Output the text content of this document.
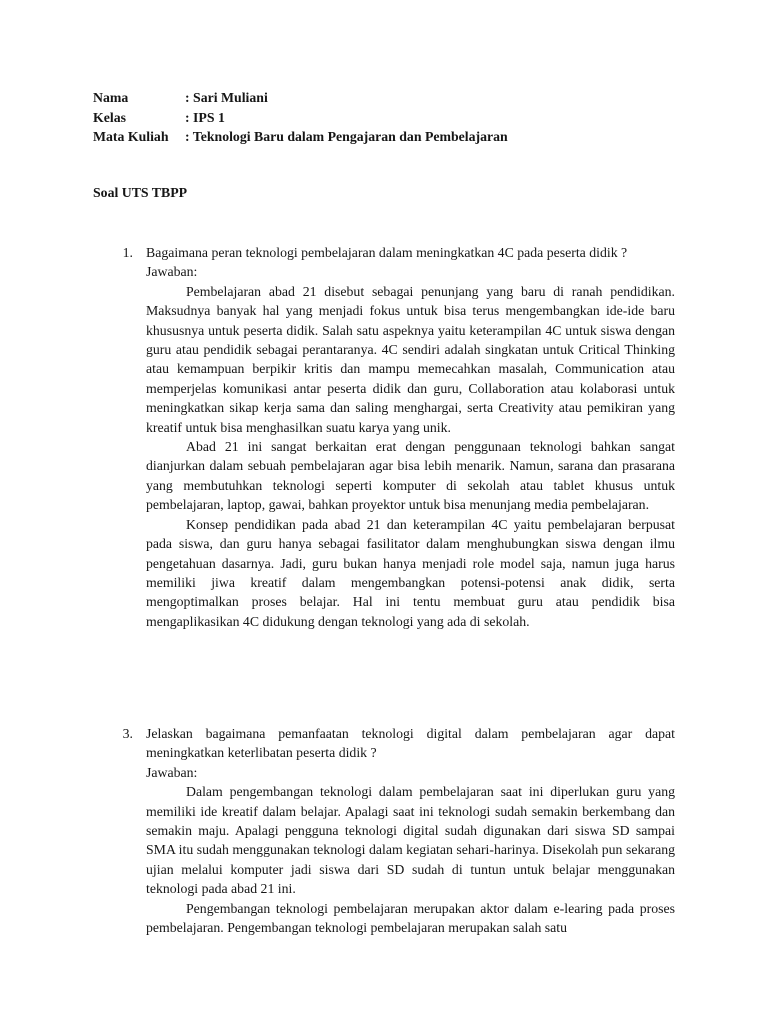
Nama	: Sari Muliani
Kelas	: IPS 1
Mata Kuliah	: Teknologi Baru dalam Pengajaran dan Pembelajaran
Soal UTS TBPP
1. Bagaimana peran teknologi pembelajaran dalam meningkatkan 4C pada peserta didik ?

Jawaban:

Pembelajaran abad 21 disebut sebagai penunjang yang baru di ranah pendidikan. Maksudnya banyak hal yang menjadi fokus untuk bisa terus mengembangkan ide-ide baru khususnya untuk peserta didik. Salah satu aspeknya yaitu keterampilan 4C untuk siswa dengan guru atau pendidik sebagai perantaranya. 4C sendiri adalah singkatan untuk Critical Thinking atau kemampuan berpikir kritis dan mampu memecahkan masalah, Communication atau memperjelas komunikasi antar peserta didik dan guru, Collaboration atau kolaborasi untuk meningkatkan sikap kerja sama dan saling menghargai, serta Creativity atau pemikiran yang kreatif untuk bisa menghasilkan suatu karya yang unik.

Abad 21 ini sangat berkaitan erat dengan penggunaan teknologi bahkan sangat dianjurkan dalam sebuah pembelajaran agar bisa lebih menarik. Namun, sarana dan prasarana yang membutuhkan teknologi seperti komputer di sekolah atau tablet khusus untuk pembelajaran, laptop, gawai, bahkan proyektor untuk bisa menunjang media pembelajaran.

Konsep pendidikan pada abad 21 dan keterampilan 4C yaitu pembelajaran berpusat pada siswa, dan guru hanya sebagai fasilitator dalam menghubungkan siswa dengan ilmu pengetahuan dasarnya. Jadi, guru bukan hanya menjadi role model saja, namun juga harus memiliki jiwa kreatif dalam mengembangkan potensi-potensi anak didik, serta mengoptimalkan proses belajar. Hal ini tentu membuat guru atau pendidik bisa mengaplikasikan 4C didukung dengan teknologi yang ada di sekolah.

3. Jelaskan bagaimana pemanfaatan teknologi digital dalam pembelajaran agar dapat meningkatkan keterlibatan peserta didik ?

Jawaban:

Dalam pengembangan teknologi dalam pembelajaran saat ini diperlukan guru yang memiliki ide kreatif dalam belajar. Apalagi saat ini teknologi sudah semakin berkembang dan semakin maju. Apalagi pengguna teknologi digital sudah digunakan dari siswa SD sampai SMA itu sudah menggunakan teknologi dalam kegiatan sehari-harinya. Disekolah pun sekarang ujian melalui komputer jadi siswa dari SD sudah di tuntun untuk belajar menggunakan teknologi pada abad 21 ini.

Pengembangan teknologi pembelajaran merupakan aktor dalam e-learing pada proses pembelajaran. Pengembangan teknologi pembelajaran merupakan salah satu
